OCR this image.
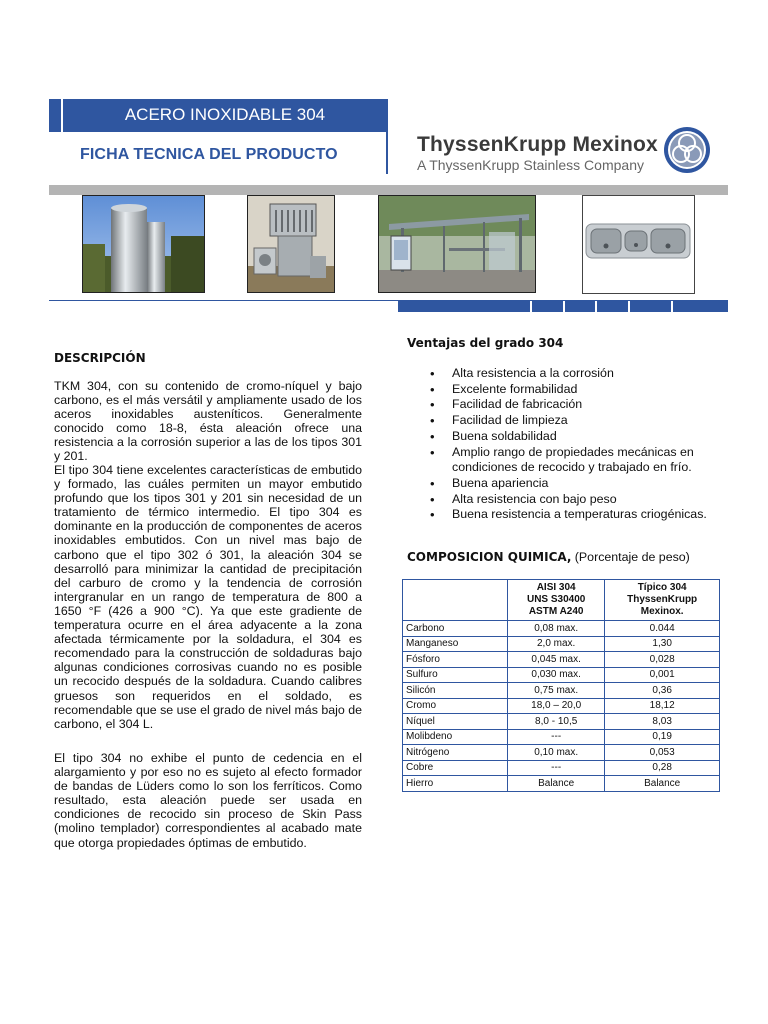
ACERO INOXIDABLE 304
FICHA TECNICA DEL PRODUCTO	ThyssenKrupp Mexinox
A ThyssenKrupp Stainless Company
DESCRIPCIÓN
TKM 304, con su contenido de cromo-níquel y bajo carbono, es el más versátil y ampliamente usado de los aceros inoxidables austeníticos. Generalmente conocido como 18-8, ésta aleación ofrece una resistencia a la corrosión superior a las de los tipos 301 y 201.
El tipo 304 tiene excelentes características de embutido y formado, las cuáles permiten un mayor embutido profundo que los tipos 301 y 201 sin necesidad de un tratamiento de térmico intermedio. El tipo 304 es dominante en la producción de componentes de aceros inoxidables embutidos. Con un nivel mas bajo de carbono que el tipo 302 ó 301, la aleación 304 se desarrolló para minimizar la cantidad de precipitación del carburo de cromo y la tendencia de corrosión intergranular en un rango de temperatura de 800 a 1650 °F (426 a 900 °C). Ya que este gradiente de temperatura ocurre en el área adyacente a la zona afectada térmicamente por la soldadura, el 304 es recomendado para la construcción de soldaduras bajo algunas condiciones corrosivas cuando no es posible un recocido después de la soldadura. Cuando calibres gruesos son requeridos en el soldado, es recomendable que se use el grado de nivel más bajo de carbono, el 304 L.
El tipo 304 no exhibe el punto de cedencia en el alargamiento y por eso no es sujeto al efecto formador de bandas de Lüders como lo son los ferríticos. Como resultado, esta aleación puede ser usada en condiciones de recocido sin proceso de Skin Pass (molino templador) correspondientes al acabado mate que otorga propiedades óptimas de embutido.
Ventajas del grado 304
• Alta resistencia a la corrosión
• Excelente formabilidad
• Facilidad de fabricación
• Facilidad de limpieza
• Buena soldabilidad
• Amplio rango de propiedades mecánicas en condiciones de recocido y trabajado en frío.
• Buena apariencia
• Alta resistencia con bajo peso
• Buena resistencia a temperaturas criogénicas.
COMPOSICION QUIMICA, (Porcentaje de peso)
	AISI 304
UNS S30400
ASTM A240	Típico 304
ThyssenKrupp
Mexinox.
Carbono	0,08 max.	0.044
Manganeso	2,0 max.	1,30
Fósforo	0,045 max.	0,028
Sulfuro	0,030 max.	0,001
Silicón	0,75 max.	0,36
Cromo	18,0 – 20,0	18,12
Níquel	8,0 - 10,5	8,03
Molibdeno	---	0,19
Nitrógeno	0,10 max.	0,053
Cobre	---	0,28
Hierro	Balance	Balance
